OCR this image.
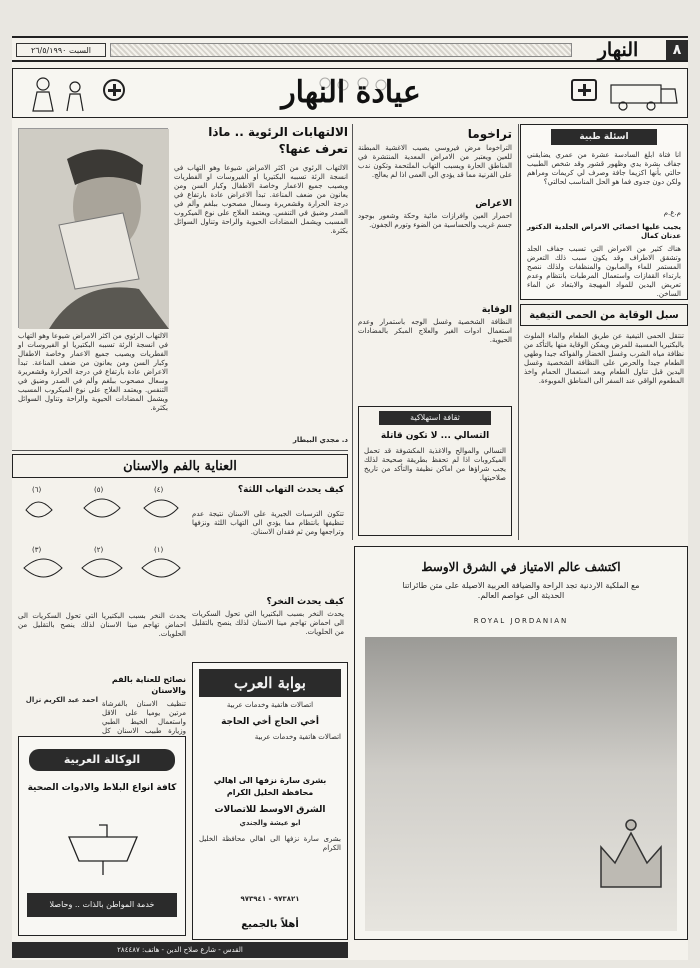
٨
النهار
السبت ٢٦/٥/١٩٩٠
عيادة النهار
اسئلة طبية
انا فتاة ابلغ السادسة عشرة من عمري يضايقني جفاف بشرة يدي وظهور قشور وقد شخص الطبيب حالتي بأنها اكزيما جافة وصرف لي كريمات ومراهم ولكن دون جدوى فما هو الحل المناسب لحالتي؟
م.ع.م
يجيب عليها اخصائي الامراض الجلدية الدكتور عدنان كمال
هناك كثير من الامراض التي تسبب جفاف الجلد وتشقق الاطراف وقد يكون سبب ذلك التعرض المستمر للماء والصابون والمنظفات ولذلك ننصح بارتداء القفازات واستعمال المرطبات بانتظام وعدم تعريض اليدين للمواد المهيجة والابتعاد عن الماء الساخن.
سبل الوقاية من الحمى التيفية
تنتقل الحمى التيفية عن طريق الطعام والماء الملوث بالبكتيريا المسببة للمرض ويمكن الوقاية منها بالتأكد من نظافة مياه الشرب وغسل الخضار والفواكه جيدا وطهي الطعام جيدا والحرص على النظافة الشخصية وغسل اليدين قبل تناول الطعام وبعد استعمال الحمام واخذ المطعوم الواقي عند السفر الى المناطق الموبوءة.
تراخوما
التراخوما مرض فيروسي يصيب الاغشية المبطنة للعين ويعتبر من الامراض المعدية المنتشرة في المناطق الحارة ويسبب التهاب الملتحمة وتكون ندب على القرنية مما قد يؤدي الى العمى اذا لم يعالج.
الاعراض
احمرار العين وافرازات مائية وحكة وشعور بوجود جسم غريب والحساسية من الضوء وتورم الجفون.
الوقاية
النظافة الشخصية وغسل الوجه باستمرار وعدم استعمال ادوات الغير والعلاج المبكر بالمضادات الحيوية.
ثقافة استهلاكية
التسالي ... لا تكون قاتلة
التسالي والموالح والاغذية المكشوفة قد تحمل الميكروبات اذا لم تحفظ بطريقة صحيحة لذلك يجب شراؤها من اماكن نظيفة والتأكد من تاريخ صلاحيتها.
الالتهابات الرئوية .. ماذا تعرف عنها؟
الالتهاب الرئوي من اكثر الامراض شيوعا وهو التهاب في انسجة الرئة تسببه البكتيريا او الفيروسات او الفطريات ويصيب جميع الاعمار وخاصة الاطفال وكبار السن ومن يعانون من ضعف المناعة. تبدأ الاعراض عادة بارتفاع في درجة الحرارة وقشعريرة وسعال مصحوب ببلغم وألم في الصدر وضيق في التنفس. ويعتمد العلاج على نوع الميكروب المسبب ويشمل المضادات الحيوية والراحة وتناول السوائل بكثرة.
د. مجدي البيطار
الالتهاب الرئوي من اكثر الامراض شيوعا وهو التهاب في انسجة الرئة تسببه البكتيريا او الفيروسات او الفطريات ويصيب جميع الاعمار وخاصة الاطفال وكبار السن ومن يعانون من ضعف المناعة. تبدأ الاعراض عادة بارتفاع في درجة الحرارة وقشعريرة وسعال مصحوب ببلغم وألم في الصدر وضيق في التنفس. ويعتمد العلاج على نوع الميكروب المسبب ويشمل المضادات الحيوية والراحة وتناول السوائل بكثرة.
العناية بالفم والاسنان
(٦)	(٥)	(٤)
(٣)	(٢)	(١)
كيف يحدث التهاب اللثة؟
تتكون الترسبات الجيرية على الاسنان نتيجة عدم تنظيفها بانتظام مما يؤدي الى التهاب اللثة ونزفها وتراجعها ومن ثم فقدان الاسنان.
كيف يحدث النخر؟
يحدث النخر بسبب البكتيريا التي تحول السكريات الى احماض تهاجم مينا الاسنان لذلك ينصح بالتقليل من الحلويات.
يحدث النخر بسبب البكتيريا التي تحول السكريات الى احماض تهاجم مينا الاسنان لذلك ينصح بالتقليل من الحلويات.
نصائح للعناية بالفم والاسنان
تنظيف الاسنان بالفرشاة مرتين يوميا على الاقل واستعمال الخيط الطبي وزيارة طبيب الاسنان كل
احمد عبد الكريم نزال
بوابة العرب
اتصالات هاتفية وخدمات عربية
أخي الحاج أخي الحاجة
اتصالات هاتفية وخدمات عربية
بشرى سارة نزفها الى اهالي محافظة الخليل الكرام
الشرق الاوسط للاتصالات
ابو عيشة والجندي
بشرى سارة نزفها الى اهالي محافظة الخليل الكرام
٩٧٣٨٢١ - ٩٧٣٩٤١
أهلاً بالجميع
الوكالة العربية
كافة انواع البلاط والادوات الصحية
خدمة المواطن بالذات .. وحاصلا
اكتشف عالم الامتياز في الشرق الاوسط
مع الملكية الاردنية تجد الراحة والضيافة العربية الاصيلة على متن طائراتنا الحديثة الى عواصم العالم.
ROYAL JORDANIAN
القدس - شارع صلاح الدين - هاتف: ٢٨٤٤٨٧
